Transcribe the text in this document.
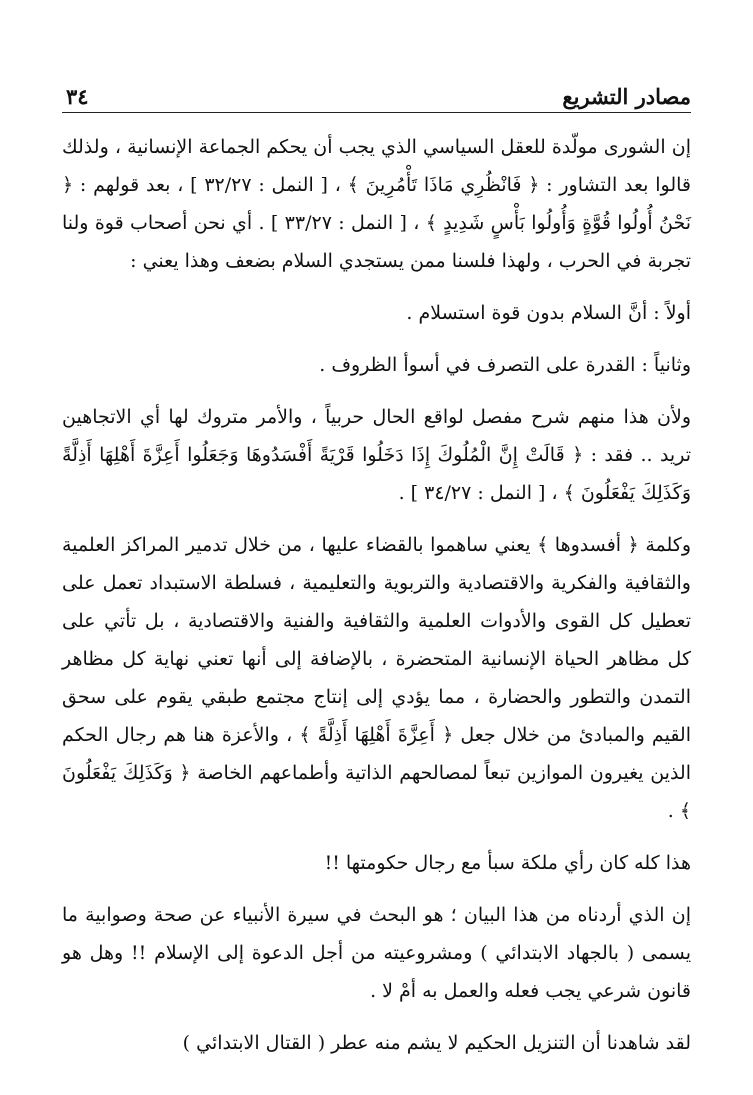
مصادر التشريع
٣٤

إن الشورى مولّدة للعقل السياسي الذي يجب أن يحكم الجماعة الإنسانية ، ولذلك قالوا بعد التشاور : ﴿ فَانْظُرِي مَاذَا تَأْمُرِينَ ﴾ ، [ النمل : ٣٢/٢٧ ] ، بعد قولهم : ﴿ نَحْنُ أُولُوا قُوَّةٍ وَأُولُوا بَأْسٍ شَدِيدٍ ﴾ ، [ النمل : ٣٣/٢٧ ] . أي نحن أصحاب قوة ولنا تجربة في الحرب ، ولهذا فلسنا ممن يستجدي السلام بضعف وهذا يعني :

أولاً : أنَّ السلام بدون قوة استسلام .

وثانياً : القدرة على التصرف في أسوأ الظروف .

ولأن هذا منهم شرح مفصل لواقع الحال حربياً ، والأمر متروك لها أي الاتجاهين تريد .. فقد : ﴿ قَالَتْ إِنَّ الْمُلُوكَ إِذَا دَخَلُوا قَرْيَةً أَفْسَدُوهَا وَجَعَلُوا أَعِزَّةَ أَهْلِهَا أَذِلَّةً وَكَذَلِكَ يَفْعَلُونَ ﴾ ، [ النمل : ٣٤/٢٧ ] .

وكلمة ﴿ أفسدوها ﴾ يعني ساهموا بالقضاء عليها ، من خلال تدمير المراكز العلمية والثقافية والفكرية والاقتصادية والتربوية والتعليمية ، فسلطة الاستبداد تعمل على تعطيل كل القوى والأدوات العلمية والثقافية والفنية والاقتصادية ، بل تأتي على كل مظاهر الحياة الإنسانية المتحضرة ، بالإضافة إلى أنها تعني نهاية كل مظاهر التمدن والتطور والحضارة ، مما يؤدي إلى إنتاج مجتمع طبقي يقوم على سحق القيم والمبادئ من خلال جعل ﴿ أَعِزَّةَ أَهْلِهَا أَذِلَّةً ﴾ ، والأعزة هنا هم رجال الحكم الذين يغيرون الموازين تبعاً لمصالحهم الذاتية وأطماعهم الخاصة ﴿ وَكَذَلِكَ يَفْعَلُونَ ﴾ .

هذا كله كان رأي ملكة سبأ مع رجال حكومتها !!

إن الذي أردناه من هذا البيان ؛ هو البحث في سيرة الأنبياء عن صحة وصوابية ما يسمى ( بالجهاد الابتدائي ) ومشروعيته من أجل الدعوة إلى الإسلام !! وهل هو قانون شرعي يجب فعله والعمل به أمْ لا .

لقد شاهدنا أن التنزيل الحكيم لا يشم منه عطر ( القتال الابتدائي )
